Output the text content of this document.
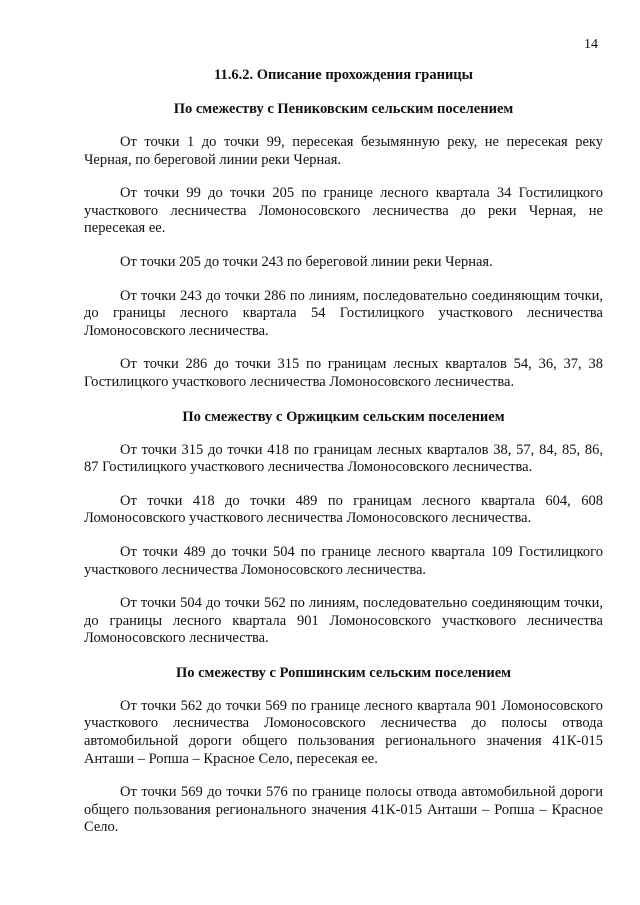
14
11.6.2. Описание прохождения границы
По смежеству с Пениковским сельским поселением

От точки 1 до точки 99, пересекая безымянную реку, не пересекая реку Черная, по береговой линии реки Черная.

От точки 99 до точки 205 по границе лесного квартала 34 Гостилицкого участкового лесничества Ломоносовского лесничества до реки Черная, не пересекая ее.

От точки 205 до точки 243 по береговой линии реки Черная.

От точки 243 до точки 286 по линиям, последовательно соединяющим точки, до границы лесного квартала 54 Гостилицкого участкового лесничества Ломоносовского лесничества.

От точки 286 до точки 315 по границам лесных кварталов 54, 36, 37, 38 Гостилицкого участкового лесничества Ломоносовского лесничества.

По смежеству с Оржицким сельским поселением

От точки 315 до точки 418 по границам лесных кварталов 38, 57, 84, 85, 86, 87 Гостилицкого участкового лесничества Ломоносовского лесничества.

От точки 418 до точки 489 по границам лесного квартала 604, 608 Ломоносовского участкового лесничества Ломоносовского лесничества.

От точки 489 до точки 504 по границе лесного квартала 109 Гостилицкого участкового лесничества Ломоносовского лесничества.

От точки 504 до точки 562 по линиям, последовательно соединяющим точки, до границы лесного квартала 901 Ломоносовского участкового лесничества Ломоносовского лесничества.

По смежеству с Ропшинским сельским поселением

От точки 562 до точки 569 по границе лесного квартала 901 Ломоносовского участкового лесничества Ломоносовского лесничества до полосы отвода автомобильной дороги общего пользования регионального значения 41К-015 Анташи – Ропша – Красное Село, пересекая ее.

От точки 569 до точки 576 по границе полосы отвода автомобильной дороги общего пользования регионального значения 41К-015 Анташи – Ропша – Красное Село.
